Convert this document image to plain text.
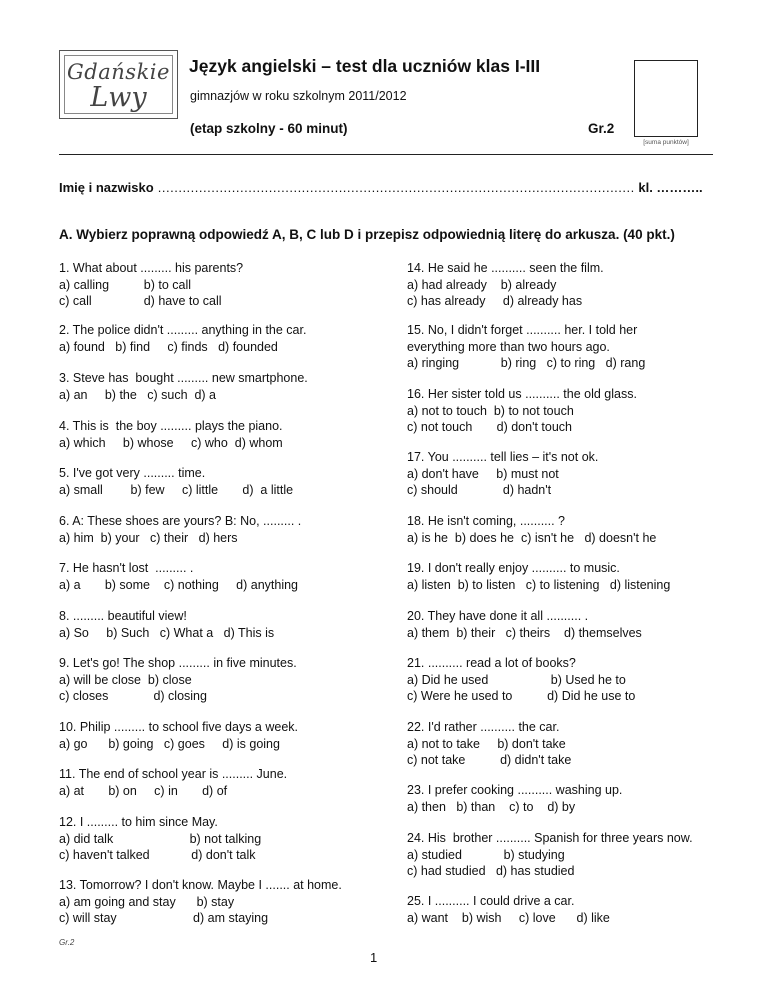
Gdańskie
Lwy
Język angielski – test dla uczniów klas I-III
gimnazjów w roku szkolnym 2011/2012
(etap szkolny - 60 minut)	Gr.2
[suma punktów]
Imię i nazwisko .................................................................................................................... kl. ………..
A. Wybierz poprawną odpowiedź A, B, C lub D i przepisz odpowiednią literę do arkusza. (40 pkt.)
1. What about ......... his parents?
a) calling          b) to call
c) call               d) have to call
2. The police didn't ......... anything in the car.
a) found   b) find     c) finds   d) founded
3. Steve has  bought ......... new smartphone.
a) an     b) the   c) such  d) a
4. This is  the boy ......... plays the piano.
a) which     b) whose     c) who  d) whom
5. I've got very ......... time.
a) small        b) few     c) little       d)  a little
6. A: These shoes are yours? B: No, ......... .
a) him  b) your   c) their   d) hers
7. He hasn't lost  ......... .
a) a       b) some    c) nothing     d) anything
8. ......... beautiful view!
a) So     b) Such   c) What a   d) This is
9. Let's go! The shop ......... in five minutes.
a) will be close  b) close
c) closes             d) closing
10. Philip ......... to school five days a week.
a) go      b) going   c) goes     d) is going
11. The end of school year is ......... June.
a) at       b) on     c) in       d) of
12. I ......... to him since May.
a) did talk                      b) not talking
c) haven't talked            d) don't talk
13. Tomorrow? I don't know. Maybe I ....... at home.
a) am going and stay      b) stay
c) will stay                      d) am staying
14. He said he .......... seen the film.
a) had already    b) already
c) has already     d) already has
15. No, I didn't forget .......... her. I told her
everything more than two hours ago.
a) ringing            b) ring   c) to ring   d) rang
16. Her sister told us .......... the old glass.
a) not to touch  b) to not touch
c) not touch       d) don't touch
17. You .......... tell lies – it's not ok.
a) don't have     b) must not
c) should             d) hadn't
18. He isn't coming, .......... ?
a) is he  b) does he  c) isn't he   d) doesn't he
19. I don't really enjoy .......... to music.
a) listen  b) to listen   c) to listening   d) listening
20. They have done it all .......... .
a) them  b) their   c) theirs    d) themselves
21. .......... read a lot of books?
a) Did he used                  b) Used he to
c) Were he used to          d) Did he use to
22. I'd rather .......... the car.
a) not to take     b) don't take
c) not take          d) didn't take
23. I prefer cooking .......... washing up.
a) then   b) than    c) to    d) by
24. His  brother .......... Spanish for three years now.
a) studied            b) studying
c) had studied   d) has studied
25. I .......... I could drive a car.
a) want    b) wish     c) love      d) like
Gr.2
1
